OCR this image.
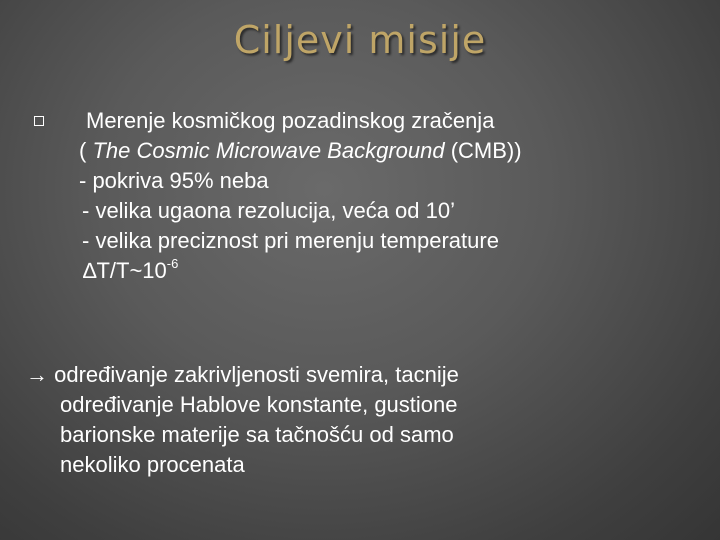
Ciljevi misije
Merenje kosmičkog pozadinskog zračenja
( The Cosmic Microwave Background (CMB))
- pokriva 95% neba
- velika ugaona rezolucija, veća od 10’
- velika preciznost pri merenju temperature
$\Delta T/T\sim 10^{-6}$
→ određivanje zakrivljenosti svemira, tacnije
određivanje Hablove konstante, gustione
barionske materije sa tačnošću od samo
nekoliko procenata
